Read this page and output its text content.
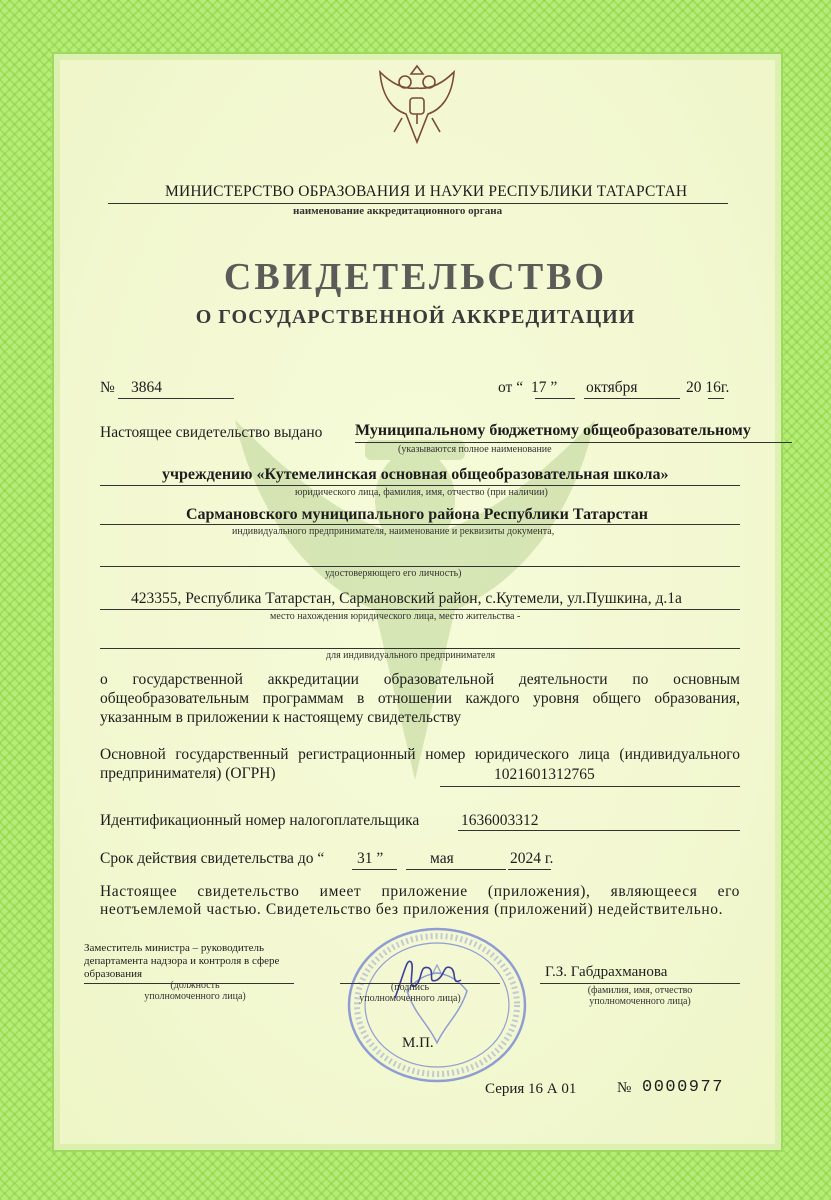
МИНИСТЕРСТВО ОБРАЗОВАНИЯ И НАУКИ РЕСПУБЛИКИ ТАТАРСТАН
наименование аккредитационного органа
СВИДЕТЕЛЬСТВО
О ГОСУДАРСТВЕННОЙ АККРЕДИТАЦИИ
№ 3864	от “ 17 ” октября	20 16г.
Настоящее свидетельство выдано Муниципальному бюджетному общеобразовательному
(указываются полное наименование
учреждению «Кутемелинская основная общеобразовательная школа»
юридического лица, фамилия, имя, отчество (при наличии)
Сармановского муниципального района Республики Татарстан
индивидуального предпринимателя, наименование и реквизиты документа,
удостоверяющего его личность)
423355, Республика Татарстан, Сармановский район, с.Кутемели, ул.Пушкина, д.1а
место нахождения юридического лица, место жительства -
для индивидуального предпринимателя
о государственной аккредитации образовательной деятельности по основным общеобразовательным программам в отношении каждого уровня общего образования, указанным в приложении к настоящему свидетельству
Основной государственный регистрационный номер юридического лица (индивидуального предпринимателя) (ОГРН)	1021601312765
Идентификационный номер налогоплательщика	1636003312
Срок действия свидетельства до “ 31 ”	мая	2024 г.
Настоящее свидетельство имеет приложение (приложения), являющееся его неотъемлемой частью. Свидетельство без приложения (приложений) недействительно.
Заместитель министра – руководитель департамента надзора и контроля в сфере образования
(должность
уполномоченного лица)
(подпись
уполномоченного лица)
Г.З. Габдрахманова
(фамилия, имя, отчество
уполномоченного лица)
М.П.
Серия 16 А 01	№ 0000977
